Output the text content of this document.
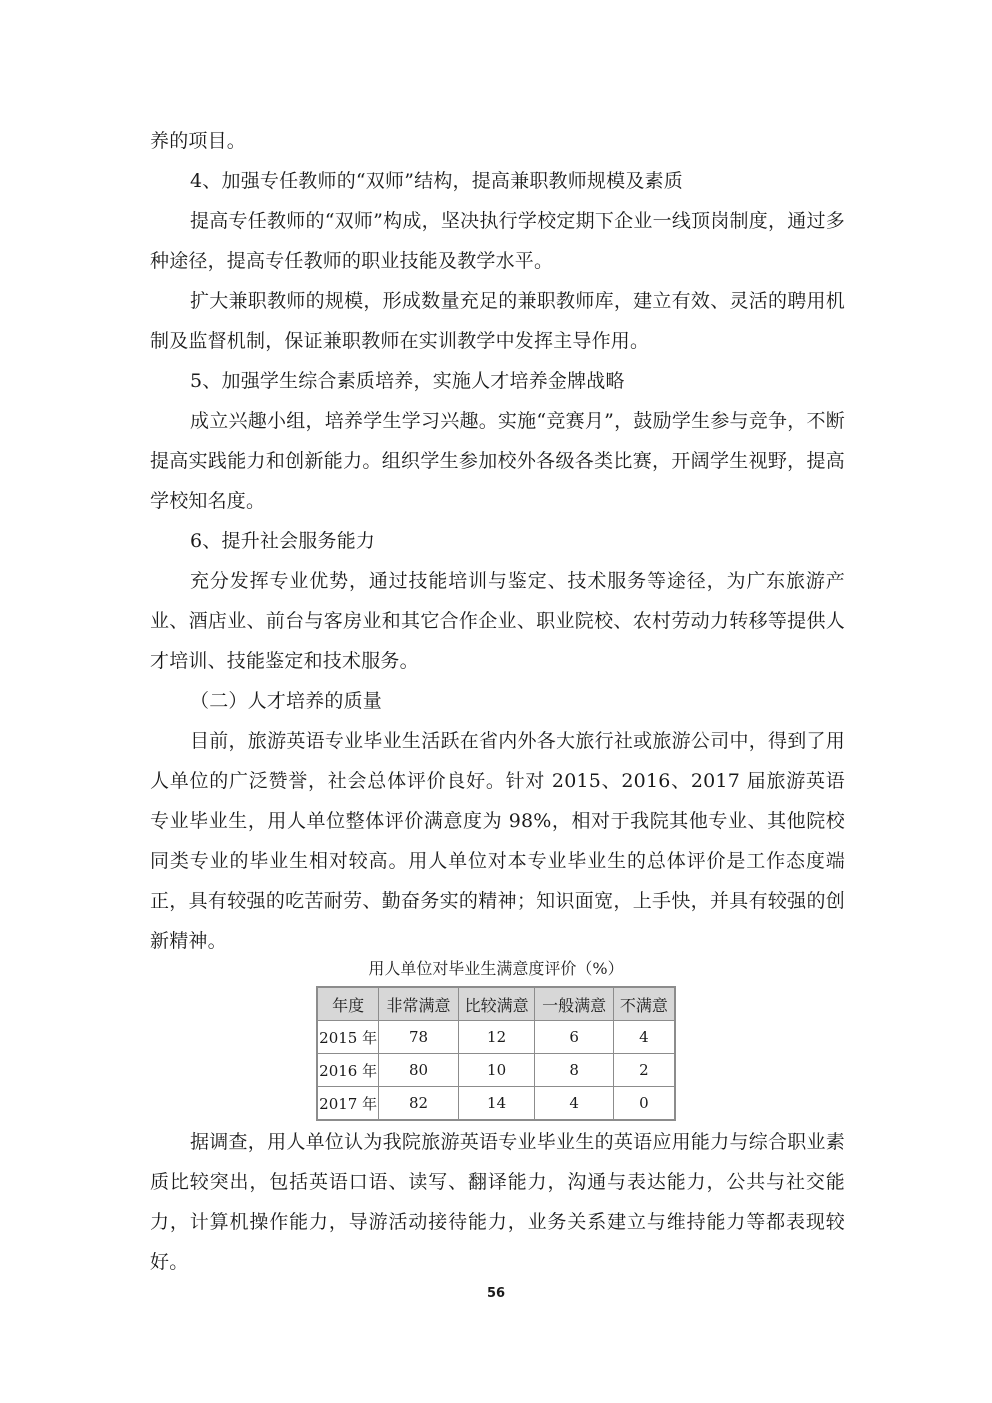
养的项目。

4、加强专任教师的“双师”结构，提高兼职教师规模及素质

提高专任教师的“双师”构成，坚决执行学校定期下企业一线顶岗制度，通过多种途径，提高专任教师的职业技能及教学水平。

扩大兼职教师的规模，形成数量充足的兼职教师库，建立有效、灵活的聘用机制及监督机制，保证兼职教师在实训教学中发挥主导作用。

5、加强学生综合素质培养，实施人才培养金牌战略

成立兴趣小组，培养学生学习兴趣。实施“竞赛月”，鼓励学生参与竞争，不断提高实践能力和创新能力。组织学生参加校外各级各类比赛，开阔学生视野，提高学校知名度。

6、提升社会服务能力

充分发挥专业优势，通过技能培训与鉴定、技术服务等途径，为广东旅游产业、酒店业、前台与客房业和其它合作企业、职业院校、农村劳动力转移等提供人才培训、技能鉴定和技术服务。

（二）人才培养的质量

目前，旅游英语专业毕业生活跃在省内外各大旅行社或旅游公司中，得到了用人单位的广泛赞誉，社会总体评价良好。针对 2015、2016、2017 届旅游英语专业毕业生，用人单位整体评价满意度为 98%，相对于我院其他专业、其他院校同类专业的毕业生相对较高。用人单位对本专业毕业生的总体评价是工作态度端正，具有较强的吃苦耐劳、勤奋务实的精神；知识面宽，上手快，并具有较强的创新精神。

用人单位对毕业生满意度评价（%）
年度	非常满意	比较满意	一般满意	不满意
2015 年	78	12	6	4
2016 年	80	10	8	2
2017 年	82	14	4	0

据调查，用人单位认为我院旅游英语专业毕业生的英语应用能力与综合职业素质比较突出，包括英语口语、读写、翻译能力，沟通与表达能力，公共与社交能力，计算机操作能力，导游活动接待能力，业务关系建立与维持能力等都表现较好。

56
